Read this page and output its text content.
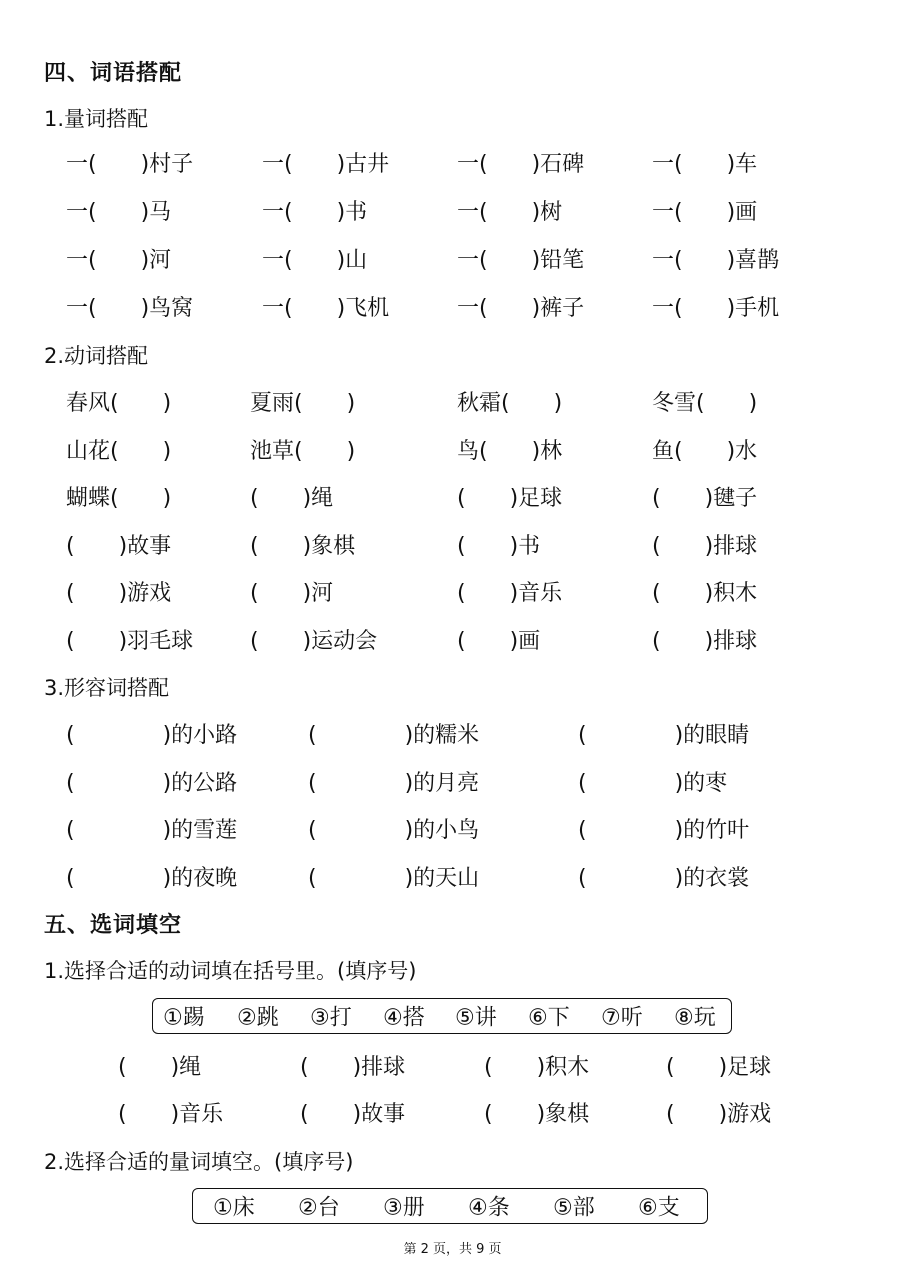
四、词语搭配
1.量词搭配
一(　　)村子	一(　　)古井	一(　　)石碑	一(　　)车
一(　　)马	一(　　)书	一(　　)树	一(　　)画
一(　　)河	一(　　)山	一(　　)铅笔	一(　　)喜鹊
一(　　)鸟窝	一(　　)飞机	一(　　)裤子	一(　　)手机
2.动词搭配
春风(　　)	夏雨(　　)	秋霜(　　)	冬雪(　　)
山花(　　)	池草(　　)	鸟(　　)林	鱼(　　)水
蝴蝶(　　)	(　　)绳	(　　)足球	(　　)毽子
(　　)故事	(　　)象棋	(　　)书	(　　)排球
(　　)游戏	(　　)河	(　　)音乐	(　　)积木
(　　)羽毛球	(　　)运动会	(　　)画	(　　)排球
3.形容词搭配
(　　　　)的小路	(　　　　)的糯米	(　　　　)的眼睛
(　　　　)的公路	(　　　　)的月亮	(　　　　)的枣
(　　　　)的雪莲	(　　　　)的小鸟	(　　　　)的竹叶
(　　　　)的夜晚	(　　　　)的天山	(　　　　)的衣裳
五、选词填空
1.选择合适的动词填在括号里。(填序号)
①踢 ②跳 ③打 ④搭 ⑤讲 ⑥下 ⑦听 ⑧玩
(　　)绳	(　　)排球	(　　)积木	(　　)足球
(　　)音乐	(　　)故事	(　　)象棋	(　　)游戏
2.选择合适的量词填空。(填序号)
①床 ②台 ③册 ④条 ⑤部 ⑥支
第 2 页，共 9 页
